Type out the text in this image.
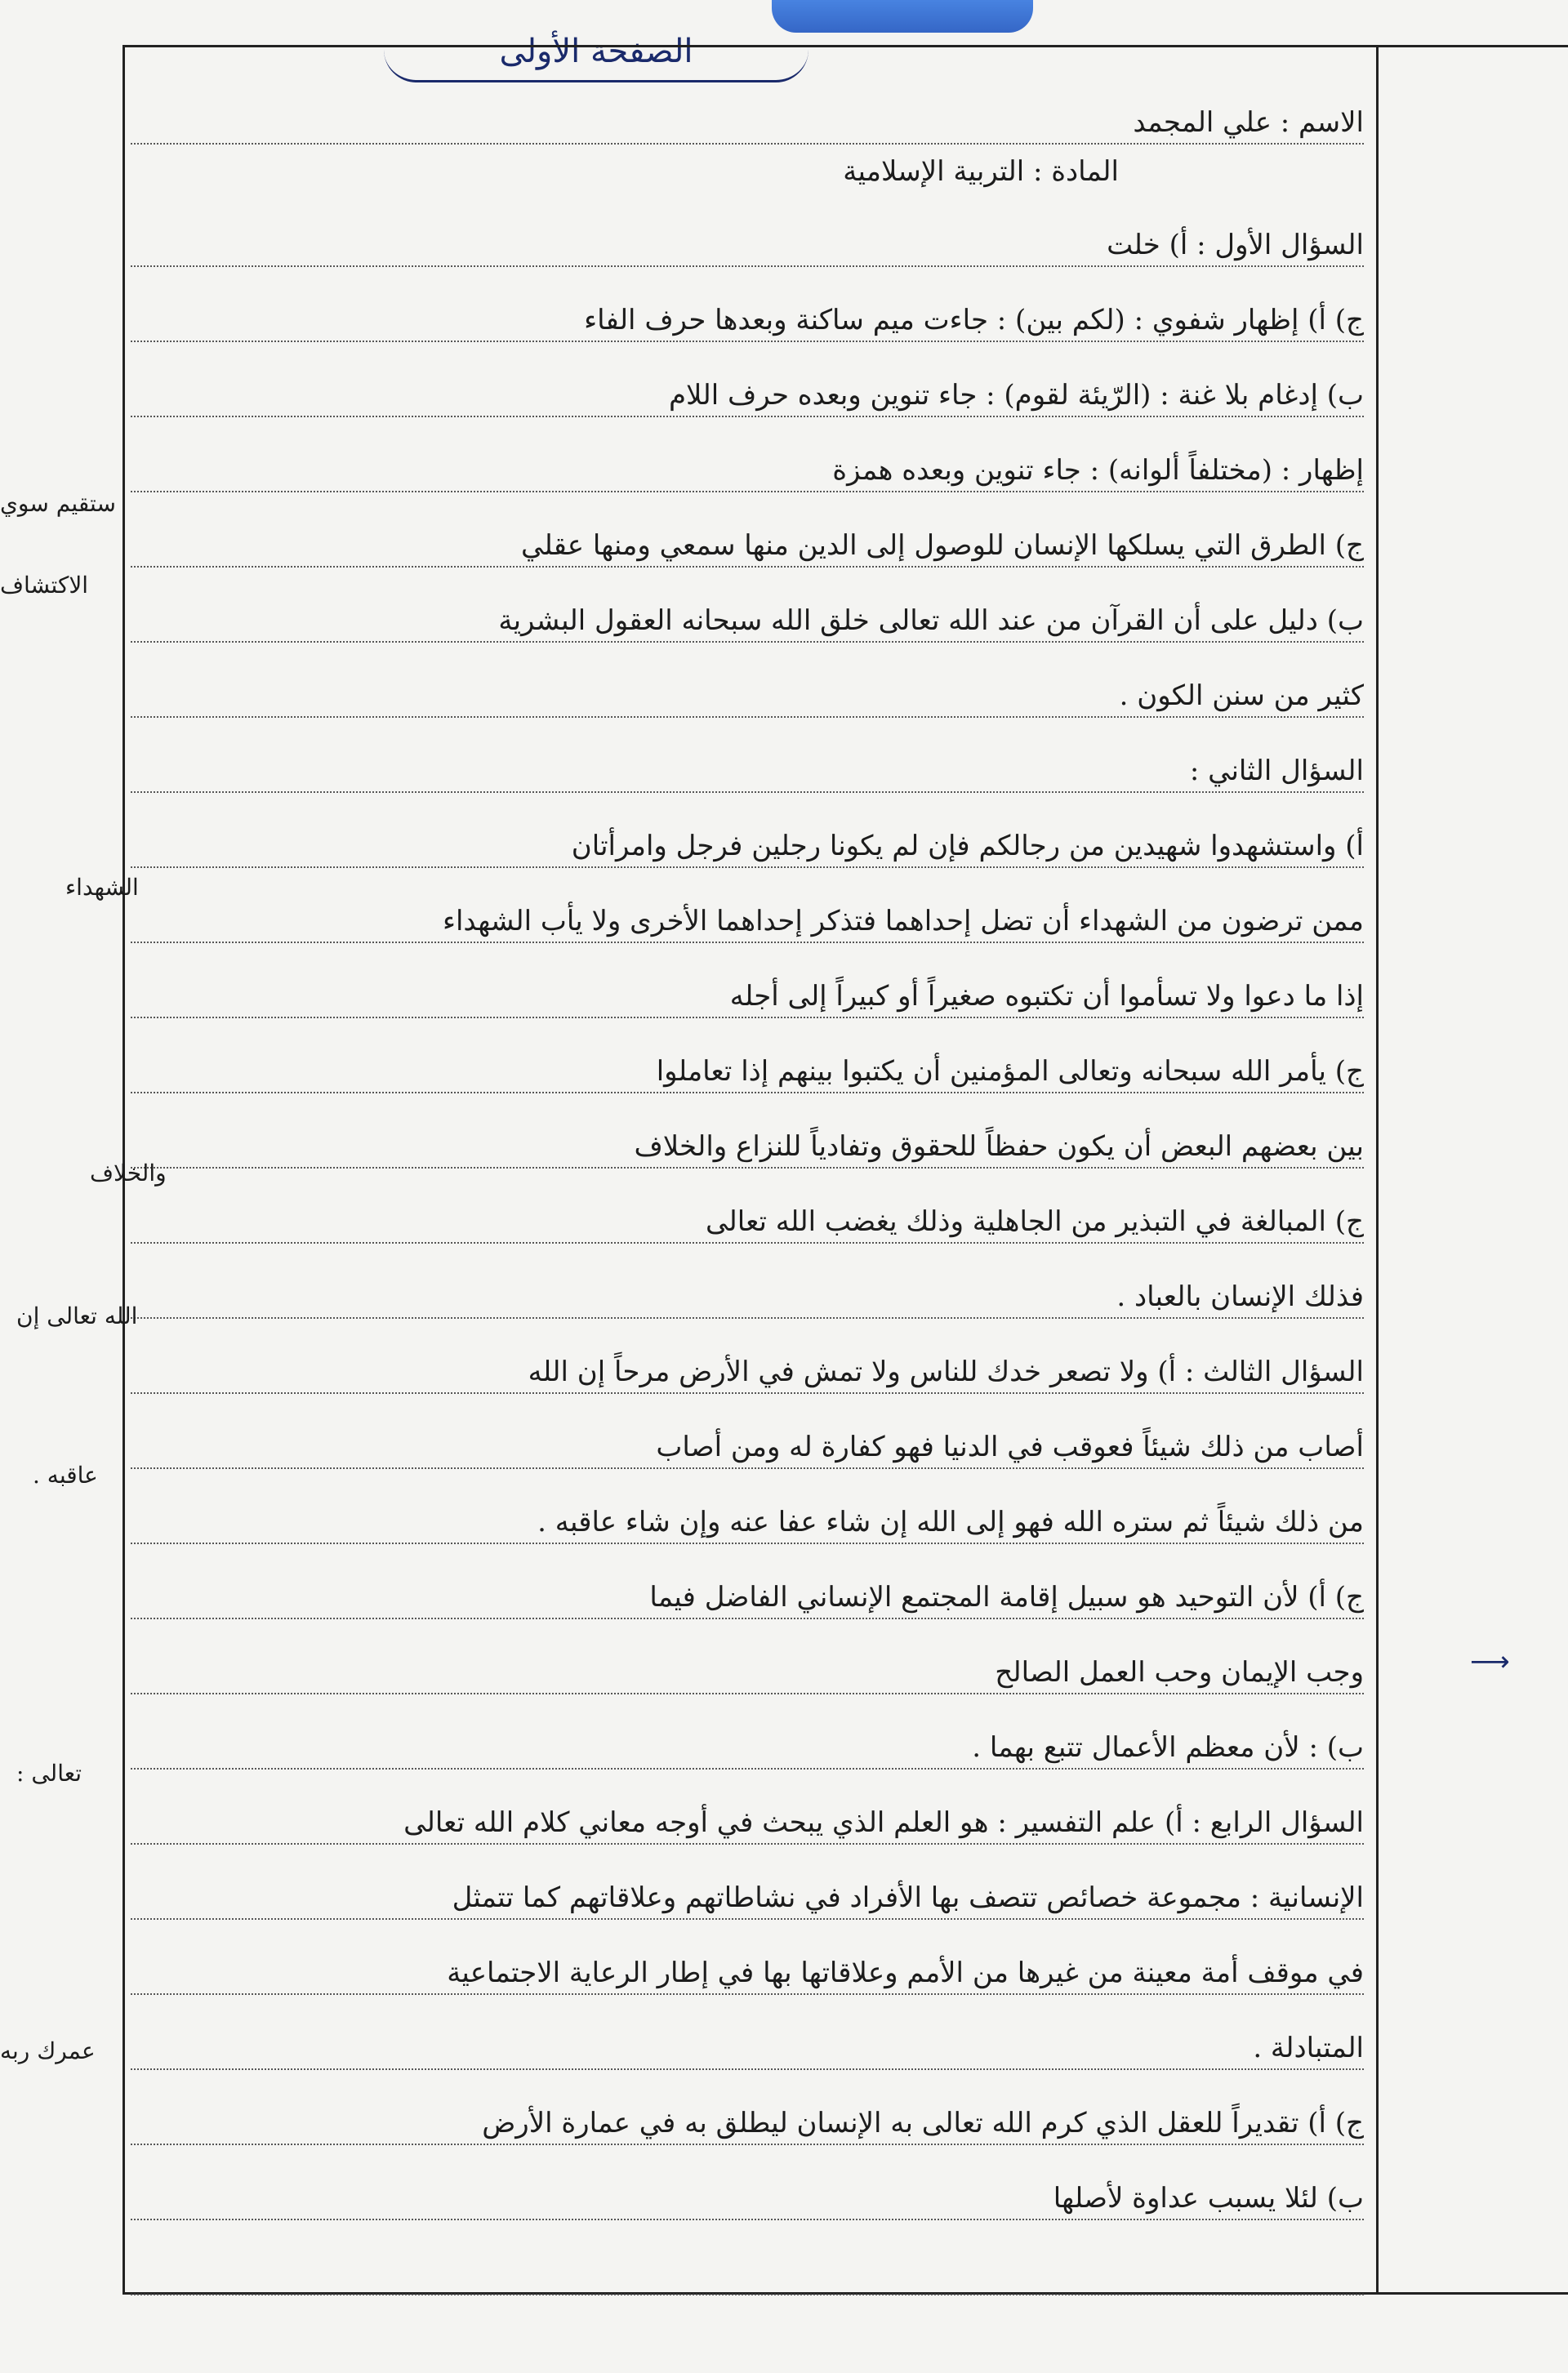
الصفحة الأولى
الاسم : علي المجمد
المادة : التربية الإسلامية
السؤال الأول : أ) خلت
ج) أ) إظهار شفوي : (لكم بين) : جاءت ميم ساكنة وبعدها حرف الفاء
ب) إدغام بلا غنة : (الرّيئة لقوم) : جاء تنوين وبعده حرف اللام
إظهار : (مختلفاً ألوانه) : جاء تنوين وبعده همزة
ج) الطرق التي يسلكها الإنسان للوصول إلى الدين منها سمعي ومنها عقلي
ب) دليل على أن القرآن من عند الله تعالى خلق الله سبحانه العقول البشرية
كثير من سنن الكون .
السؤال الثاني :
أ) واستشهدوا شهيدين من رجالكم فإن لم يكونا رجلين فرجل وامرأتان
ممن ترضون من الشهداء أن تضل إحداهما فتذكر إحداهما الأخرى ولا يأب الشهداء
إذا ما دعوا ولا تسأموا أن تكتبوه صغيراً أو كبيراً إلى أجله
ج) يأمر الله سبحانه وتعالى المؤمنين أن يكتبوا بينهم إذا تعاملوا
بين بعضهم البعض أن يكون حفظاً للحقوق وتفادياً للنزاع والخلاف
ج) المبالغة في التبذير من الجاهلية وذلك يغضب الله تعالى
فذلك الإنسان بالعباد .
السؤال الثالث : أ) ولا تصعر خدك للناس ولا تمش في الأرض مرحاً إن الله
أصاب من ذلك شيئاً فعوقب في الدنيا فهو كفارة له ومن أصاب
من ذلك شيئاً ثم ستره الله فهو إلى الله إن شاء عفا عنه وإن شاء عاقبه .
ج) أ) لأن التوحيد هو سبيل إقامة المجتمع الإنساني الفاضل فيما
وجب الإيمان وحب العمل الصالح
ب) : لأن معظم الأعمال تتبع بهما .
السؤال الرابع : أ) علم التفسير : هو العلم الذي يبحث في أوجه معاني كلام الله تعالى
الإنسانية : مجموعة خصائص تتصف بها الأفراد في نشاطاتهم وعلاقاتهم كما تتمثل
في موقف أمة معينة من غيرها من الأمم وعلاقاتها بها في إطار الرعاية الاجتماعية
المتبادلة .
ج) أ) تقديراً للعقل الذي كرم الله تعالى به الإنسان ليطلق به في عمارة الأرض
ب) لئلا يسبب عداوة لأصلها
⟶
ستقيم سوي
الاكتشاف
الشهداء
والخلاف
الله تعالى إن
عاقبه .
تعالى :
عمرك ربه
